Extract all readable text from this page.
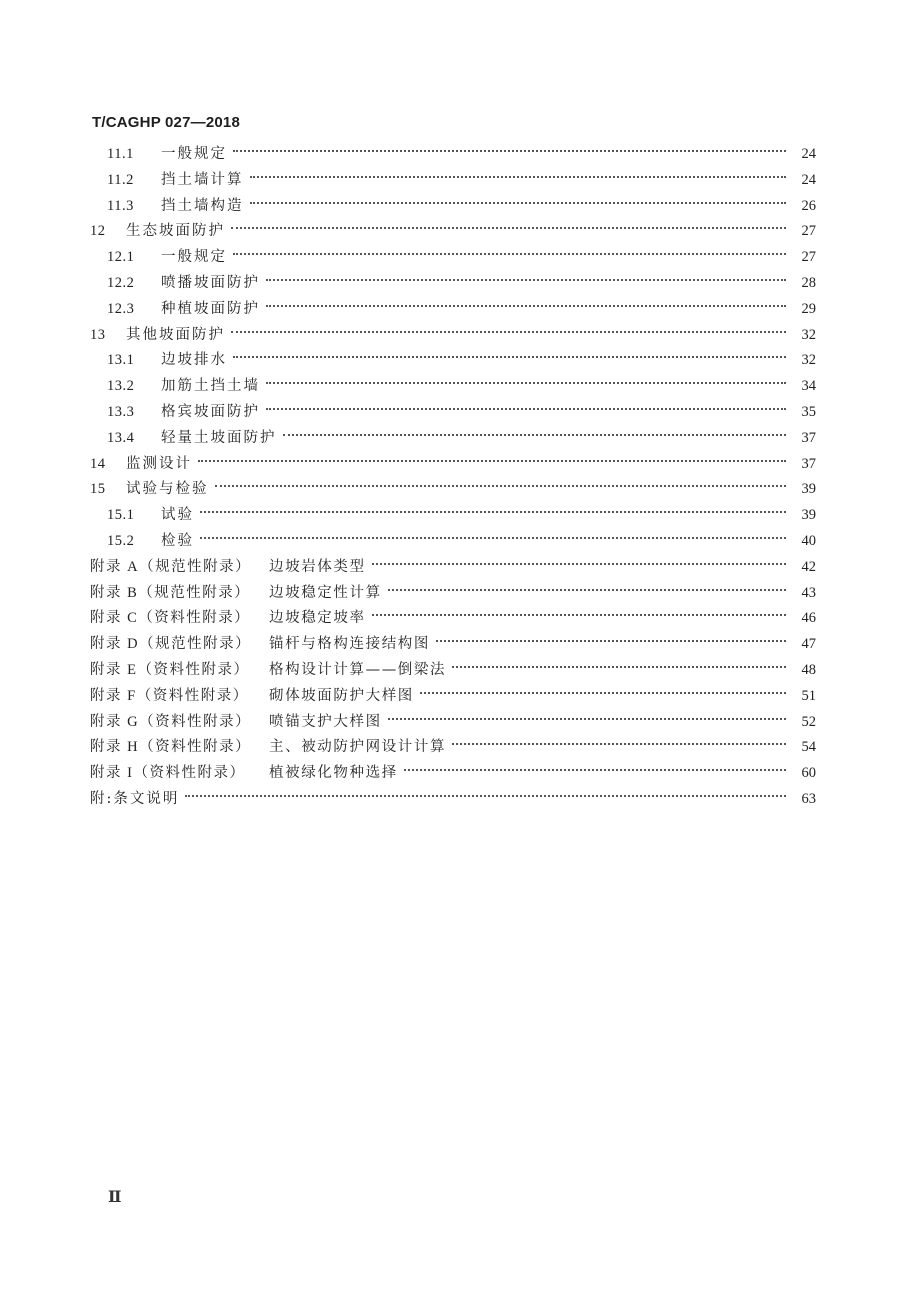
T/CAGHP 027—2018
11.1	一般规定	24
11.2	挡土墙计算	24
11.3	挡土墙构造	26
12	生态坡面防护	27
12.1	一般规定	27
12.2	喷播坡面防护	28
12.3	种植坡面防护	29
13	其他坡面防护	32
13.1	边坡排水	32
13.2	加筋土挡土墙	34
13.3	格宾坡面防护	35
13.4	轻量土坡面防护	37
14	监测设计	37
15	试验与检验	39
15.1	试验	39
15.2	检验	40
附录 A（规范性附录）	边坡岩体类型	42
附录 B（规范性附录）	边坡稳定性计算	43
附录 C（资料性附录）	边坡稳定坡率	46
附录 D（规范性附录）	锚杆与格构连接结构图	47
附录 E（资料性附录）	格构设计计算——倒梁法	48
附录 F（资料性附录）	砌体坡面防护大样图	51
附录 G（资料性附录）	喷锚支护大样图	52
附录 H（资料性附录）	主、被动防护网设计计算	54
附录 I（资料性附录）	植被绿化物种选择	60
附:条文说明	63
Ⅱ
